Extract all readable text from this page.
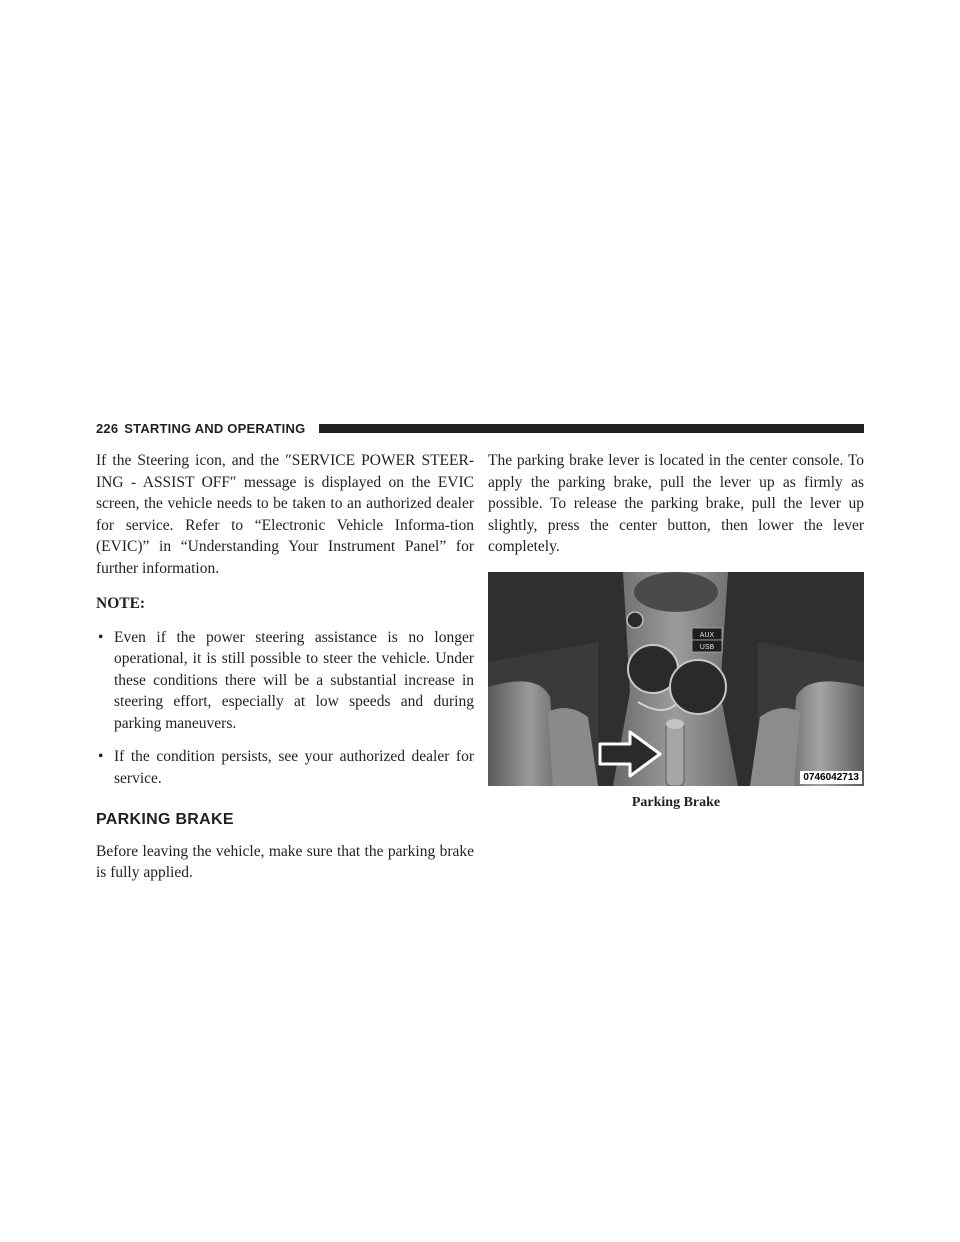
226 STARTING AND OPERATING

If the Steering icon, and the ″SERVICE POWER STEER-ING - ASSIST OFF″ message is displayed on the EVIC screen, the vehicle needs to be taken to an authorized dealer for service. Refer to “Electronic Vehicle Informa-tion (EVIC)” in “Understanding Your Instrument Panel” for further information.

NOTE:

• Even if the power steering assistance is no longer operational, it is still possible to steer the vehicle. Under these conditions there will be a substantial increase in steering effort, especially at low speeds and during parking maneuvers.
• If the condition persists, see your authorized dealer for service.
PARKING BRAKE

Before leaving the vehicle, make sure that the parking brake is fully applied.

The parking brake lever is located in the center console. To apply the parking brake, pull the lever up as firmly as possible. To release the parking brake, pull the lever up slightly, press the center button, then lower the lever completely.

AUX
USB
0746042713
Parking Brake
